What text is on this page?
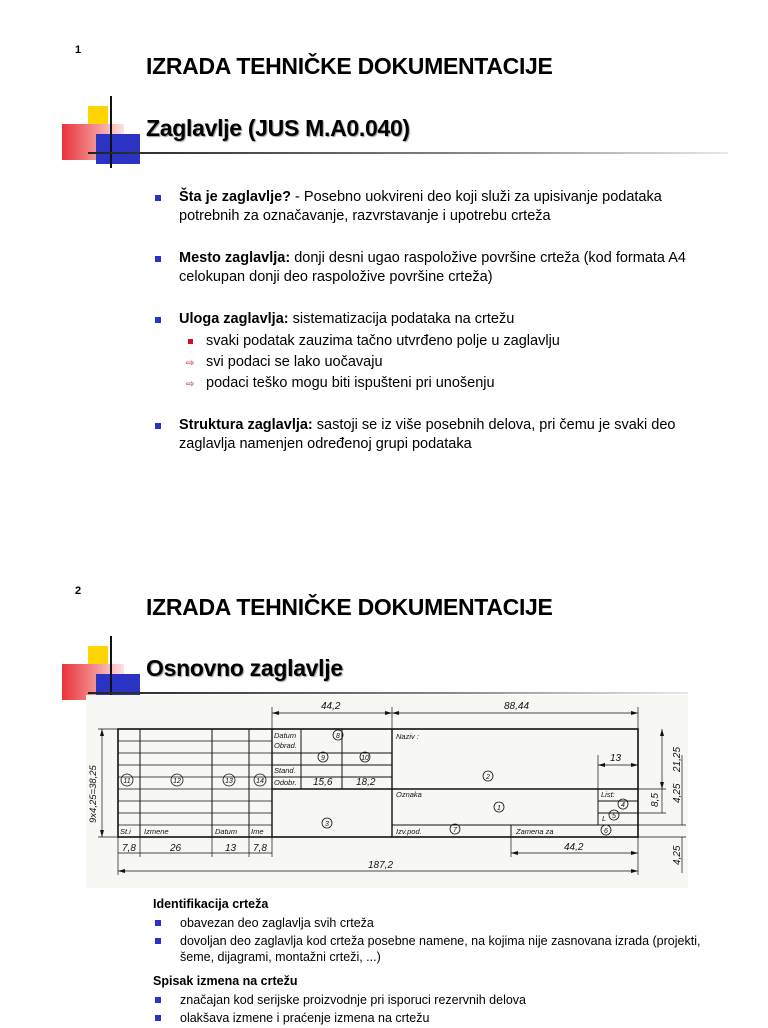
1
IZRADA TEHNIČKE DOKUMENTACIJE
Zaglavlje (JUS M.A0.040)
Šta je zaglavlje? - Posebno uokvireni deo koji služi za upisivanje podataka potrebnih za označavanje, razvrstavanje i upotrebu crteža
Mesto zaglavlja: donji desni ugao raspoložive površine crteža (kod formata A4 celokupan donji deo raspoložive površine crteža)
Uloga zaglavlja: sistematizacija podataka na crtežu
svaki podatak zauzima tačno utvrđeno polje u zaglavlju
⇨ svi podaci se lako uočavaju
⇨ podaci teško mogu biti ispušteni pri unošenju
Struktura zaglavlja: sastoji se iz više posebnih delova, pri čemu je svaki deo zaglavlja namenjen određenoj grupi podataka
2
IZRADA TEHNIČKE DOKUMENTACIJE
Osnovno zaglavlje
44,2	88,44
9x4,25=38,25
21,25
8,5 4,25
4,25
13
15,6 18,2
7,8	26	13 7,8	44,2
187,2
Datum
Obrad.
Stand.
Odobr.
Naziv :
Oznaka	List:
L
St.i Izmene	Datum Ime	Izv.pod.	Zamena za
1
2
3
4
5
6
7
8
9	10
11	12	13	14
Identifikacija crteža
obavezan deo zaglavlja svih crteža
dovoljan deo zaglavlja kod crteža posebne namene, na kojima nije zasnovana izrada (projekti, šeme, dijagrami, montažni crteži, ...)
Spisak izmena na crtežu
značajan kod serijske proizvodnje pri isporuci rezervnih delova
olakšava izmene i praćenje izmena na crtežu
